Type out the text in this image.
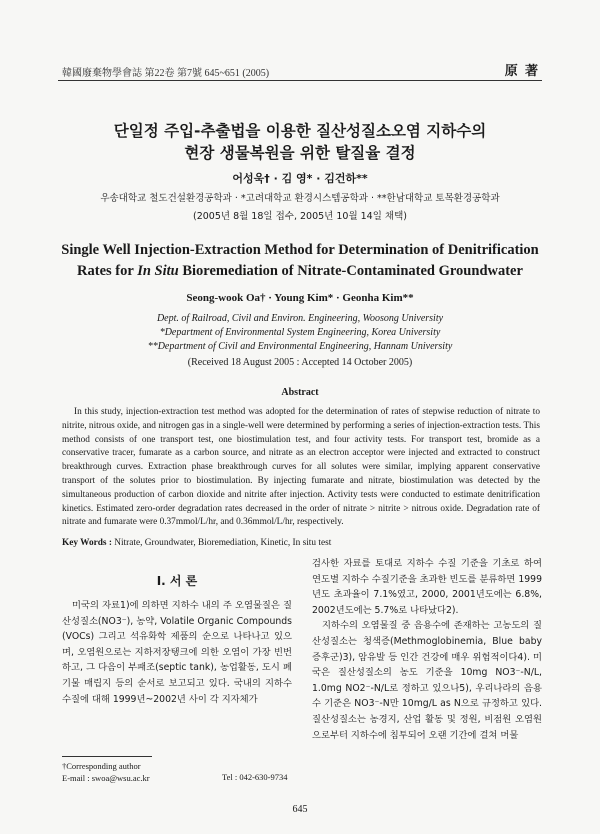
韓國廢棄物學會誌 第22卷 第7號 645~651 (2005)	原 著
단일정 주입-추출법을 이용한 질산성질소오염 지하수의
현장 생물복원을 위한 탈질율 결정
어성욱† · 김 영* · 김건하**
우송대학교 철도건설환경공학과 · *고려대학교 환경시스템공학과 · **한남대학교 토목환경공학과
(2005년 8월 18일 접수, 2005년 10월 14일 채택)
Single Well Injection-Extraction Method for Determination of Denitrification
Rates for In Situ Bioremediation of Nitrate-Contaminated Groundwater
Seong-wook Oa† · Young Kim* · Geonha Kim**
Dept. of Railroad, Civil and Environ. Engineering, Woosong University
*Department of Environmental System Engineering, Korea University
**Department of Civil and Environmental Engineering, Hannam University
(Received 18 August 2005 : Accepted 14 October 2005)
Abstract
In this study, injection-extraction test method was adopted for the determination of rates of stepwise reduction of nitrate to nitrite, nitrous oxide, and nitrogen gas in a single-well were determined by performing a series of injection-extraction tests. This method consists of one transport test, one biostimulation test, and four activity tests. For transport test, bromide as a conservative tracer, fumarate as a carbon source, and nitrate as an electron acceptor were injected and extracted to construct breakthrough curves. Extraction phase breakthrough curves for all solutes were similar, implying apparent conservative transport of the solutes prior to biostimulation. By injecting fumarate and nitrate, biostimulation was detected by the simultaneous production of carbon dioxide and nitrite after injection. Activity tests were conducted to estimate denitrification kinetics. Estimated zero-order degradation rates decreased in the order of nitrate > nitrite > nitrous oxide. Degradation rate of nitrate and fumarate were 0.37mmol/L/hr, and 0.36mmol/L/hr, respectively.
Key Words : Nitrate, Groundwater, Bioremediation, Kinetic, In situ test
I. 서 론

미국의 자료1)에 의하면 지하수 내의 주 오염물질은 질산성질소(NO3⁻), 농약, Volatile Organic Compounds (VOCs) 그리고 석유화학 제품의 순으로 나타나고 있으며, 오염원으로는 지하저장탱크에 의한 오염이 가장 빈번하고, 그 다음이 부패조(septic tank), 농업활동, 도시 폐기물 매립지 등의 순서로 보고되고 있다. 국내의 지하수 수질에 대해 1999년~2002년 사이 각 지자체가

검사한 자료를 토대로 지하수 수질 기준을 기초로 하여 연도별 지하수 수질기준을 초과한 빈도를 분류하면 1999년도 초과율이 7.1%였고, 2000, 2001년도에는 6.8%, 2002년도에는 5.7%로 나타났다2).

지하수의 오염물질 중 음용수에 존재하는 고농도의 질산성질소는 청색증(Methmoglobinemia, Blue baby 증후군)3), 암유발 등 인간 건강에 매우 위험적이다4). 미국은 질산성질소의 농도 기준을 10mg NO3⁻-N/L, 1.0mg NO2⁻-N/L로 정하고 있으나5), 우리나라의 음용수 기준은 NO3⁻-N만 10mg/L as N으로 규정하고 있다. 질산성질소는 농경지, 산업 활동 및 정원, 비점원 오염원으로부터 지하수에 침투되어 오랜 기간에 걸쳐 머물

†Corresponding author
E-mail : swoa@wsu.ac.kr	Tel : 042-630-9734
645
